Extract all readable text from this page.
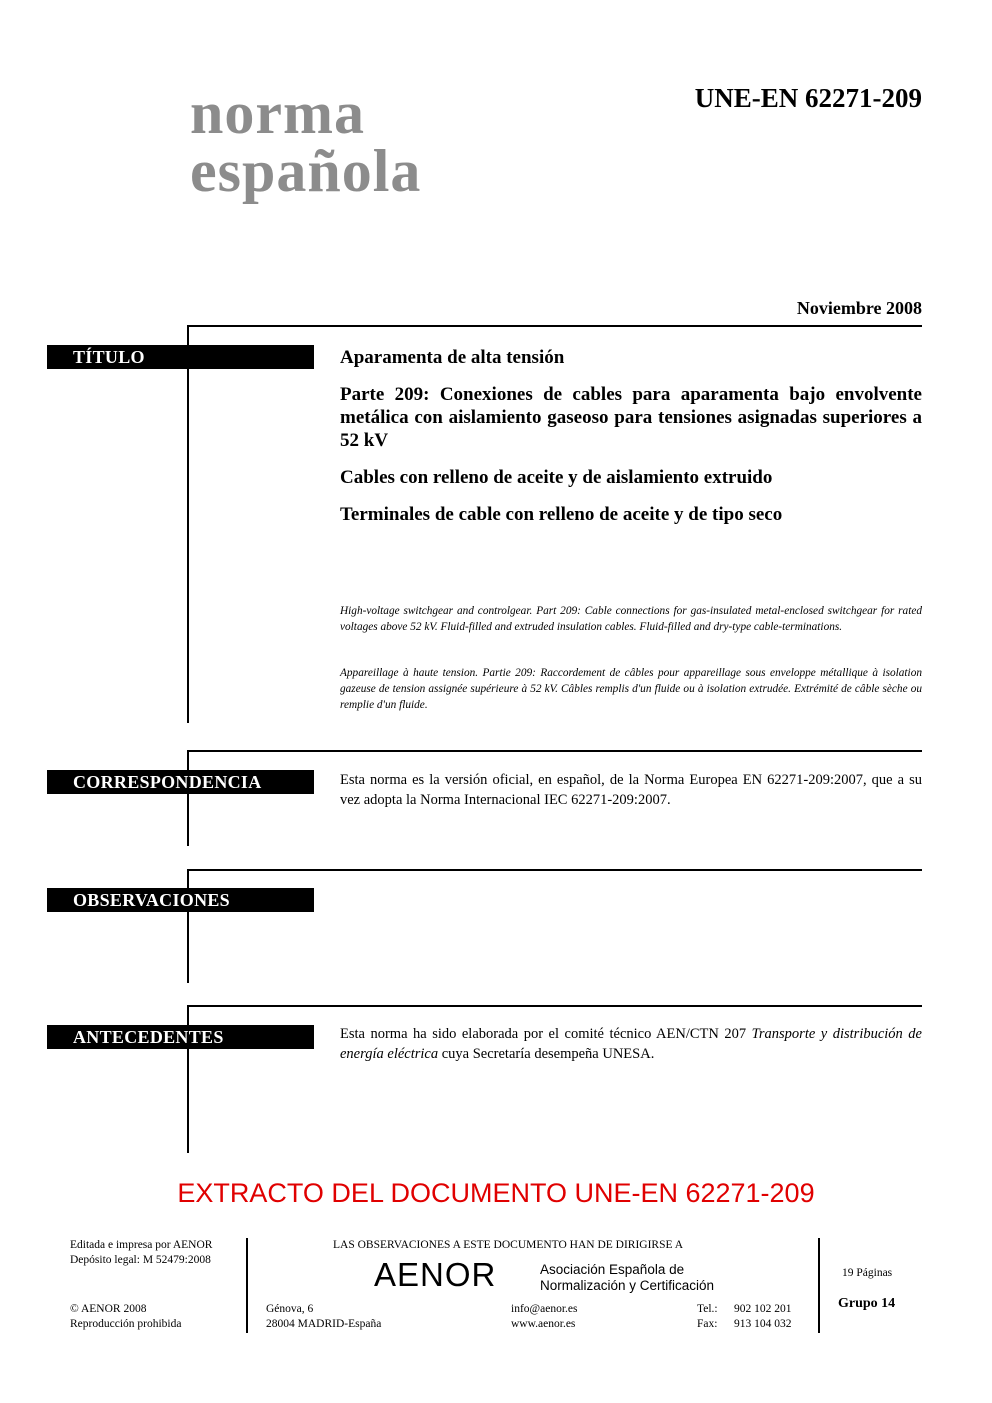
norma
española
UNE-EN 62271-209
Noviembre 2008
TÍTULO	Aparamenta de alta tensión

Parte 209: Conexiones de cables para aparamenta bajo envolvente metálica con aislamiento gaseoso para tensiones asignadas superiores a 52 kV

Cables con relleno de aceite y de aislamiento extruido

Terminales de cable con relleno de aceite y de tipo seco

High-voltage switchgear and controlgear. Part 209: Cable connections for gas-insulated metal-enclosed switchgear for rated voltages above 52 kV. Fluid-filled and extruded insulation cables. Fluid-filled and dry-type cable-terminations.
Appareillage à haute tension. Partie 209: Raccordement de câbles pour appareillage sous enveloppe métallique à isolation gazeuse de tension assignée supérieure à 52 kV. Câbles remplis d'un fluide ou à isolation extrudée. Extrémité de câble sèche ou remplie d'un fluide.
CORRESPONDENCIA	Esta norma es la versión oficial, en español, de la Norma Europea EN 62271-209:2007, que a su vez adopta la Norma Internacional IEC 62271-209:2007.
OBSERVACIONES
ANTECEDENTES	Esta norma ha sido elaborada por el comité técnico AEN/CTN 207 Transporte y distribución de energía eléctrica cuya Secretaría desempeña UNESA.
EXTRACTO DEL DOCUMENTO UNE-EN 62271-209
Editada e impresa por AENOR
Depósito legal: M 52479:2008
© AENOR 2008
Reproducción prohibida
LAS OBSERVACIONES A ESTE DOCUMENTO HAN DE DIRIGIRSE A
AENOR	Asociación Española de
Normalización y Certificación
Génova, 6
28004 MADRID-España
info@aenor.es
www.aenor.es
Tel.: 902 102 201
Fax: 913 104 032
19 Páginas
Grupo 14
